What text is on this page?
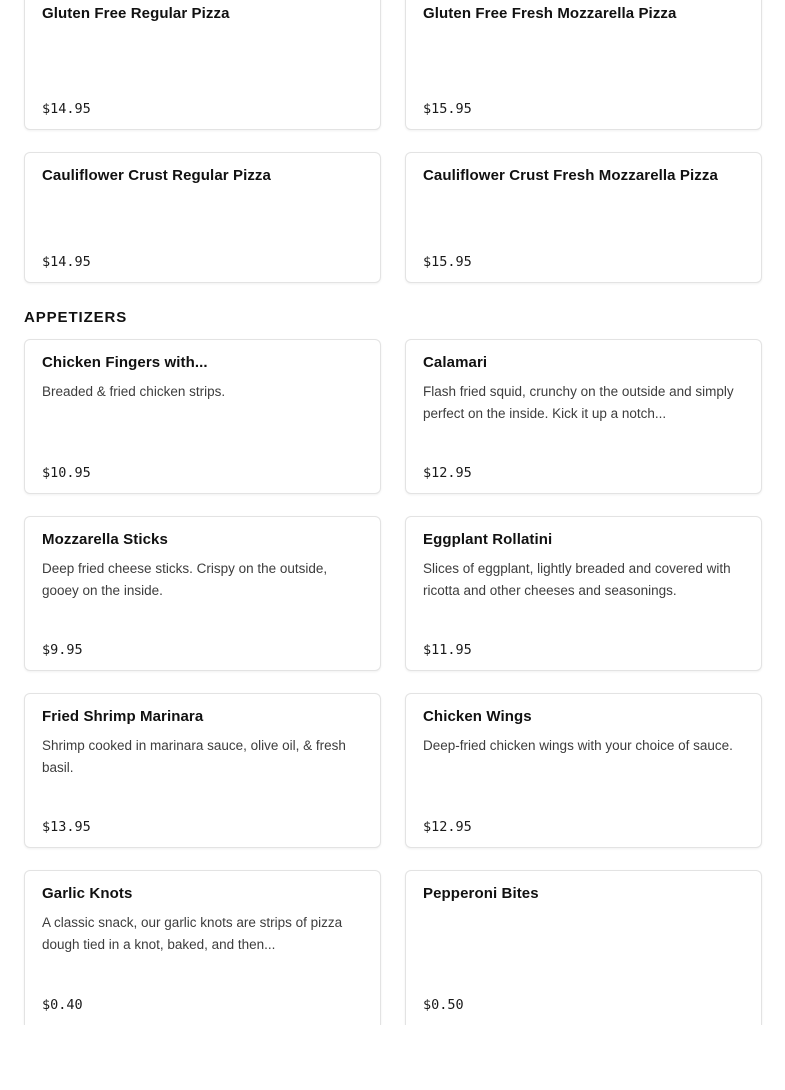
Gluten Free Regular Pizza
$14.95
Gluten Free Fresh Mozzarella Pizza
$15.95
Cauliflower Crust Regular Pizza
$14.95
Cauliflower Crust Fresh Mozzarella Pizza
$15.95
APPETIZERS
Chicken Fingers with...
Breaded & fried chicken strips.
$10.95
Calamari
Flash fried squid, crunchy on the outside and simply perfect on the inside. Kick it up a notch...
$12.95
Mozzarella Sticks
Deep fried cheese sticks. Crispy on the outside, gooey on the inside.
$9.95
Eggplant Rollatini
Slices of eggplant, lightly breaded and covered with ricotta and other cheeses and seasonings.
$11.95
Fried Shrimp Marinara
Shrimp cooked in marinara sauce, olive oil, & fresh basil.
$13.95
Chicken Wings
Deep-fried chicken wings with your choice of sauce.
$12.95
Garlic Knots
A classic snack, our garlic knots are strips of pizza dough tied in a knot, baked, and then...
$0.40
Pepperoni Bites
$0.50
